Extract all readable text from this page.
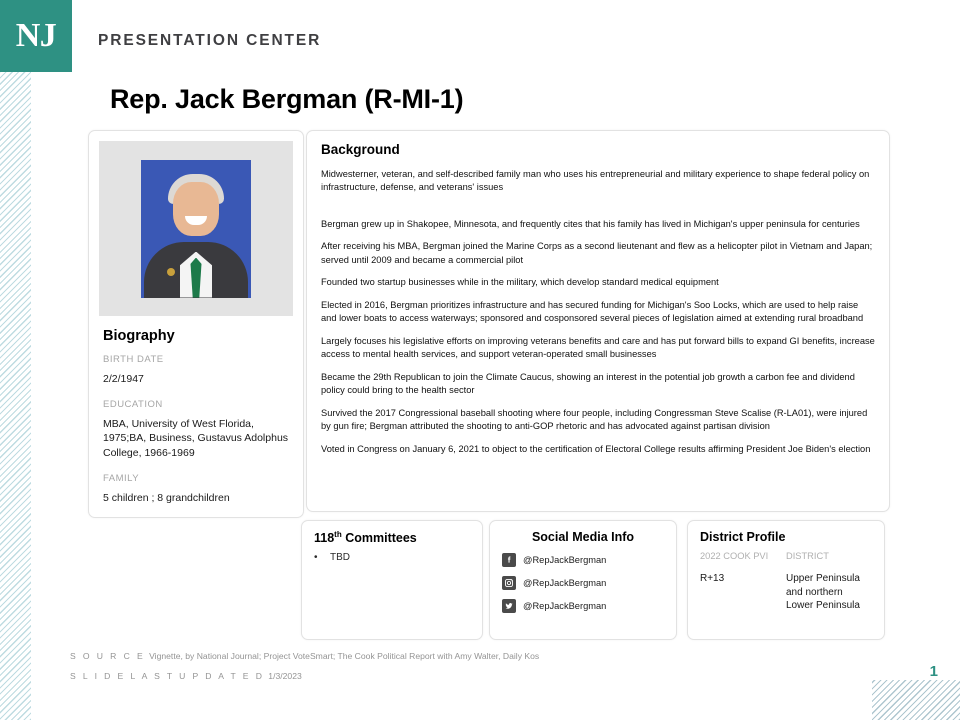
NJ	PRESENTATION CENTER
Rep. Jack Bergman (R-MI-1)
Biography
BIRTH DATE
2/2/1947
EDUCATION
MBA, University of West Florida, 1975;BA, Business, Gustavus Adolphus College, 1966-1969
FAMILY
5 children ; 8 grandchildren
Background

Midwesterner, veteran, and self-described family man who uses his entrepreneurial and military experience to shape federal policy on infrastructure, defense, and veterans' issues

Bergman grew up in Shakopee, Minnesota, and frequently cites that his family has lived in Michigan's upper peninsula for centuries

After receiving his MBA, Bergman joined the Marine Corps as a second lieutenant and flew as a helicopter pilot in Vietnam and Japan; served until 2009 and became a commercial pilot

Founded two startup businesses while in the military, which develop standard medical equipment

Elected in 2016, Bergman prioritizes infrastructure and has secured funding for Michigan's Soo Locks, which are used to help raise and lower boats to access waterways; sponsored and cosponsored several pieces of legislation aimed at extending rural broadband

Largely focuses his legislative efforts on improving veterans benefits and care and has put forward bills to expand GI benefits, increase access to mental health services, and support veteran-operated small businesses

Became the 29th Republican to join the Climate Caucus, showing an interest in the potential job growth a carbon fee and dividend policy could bring to the health sector

Survived the 2017 Congressional baseball shooting where four people, including Congressman Steve Scalise (R-LA01), were injured by gun fire; Bergman attributed the shooting to anti-GOP rhetoric and has advocated against partisan division

Voted in Congress on January 6, 2021 to object to the certification of Electoral College results affirming President Joe Biden's election

118th Committees
•	TBD
Social Media Info
@RepJackBergman
@RepJackBergman
@RepJackBergman
District Profile
2022 COOK PVI
R+13
DISTRICT
Upper Peninsula and northern Lower Peninsula
S O U R C E Vignette, by National Journal; Project VoteSmart; The Cook Political Report with Amy Walter, Daily Kos
S L I D E L A S T U P D A T E D 1/3/2023	1
